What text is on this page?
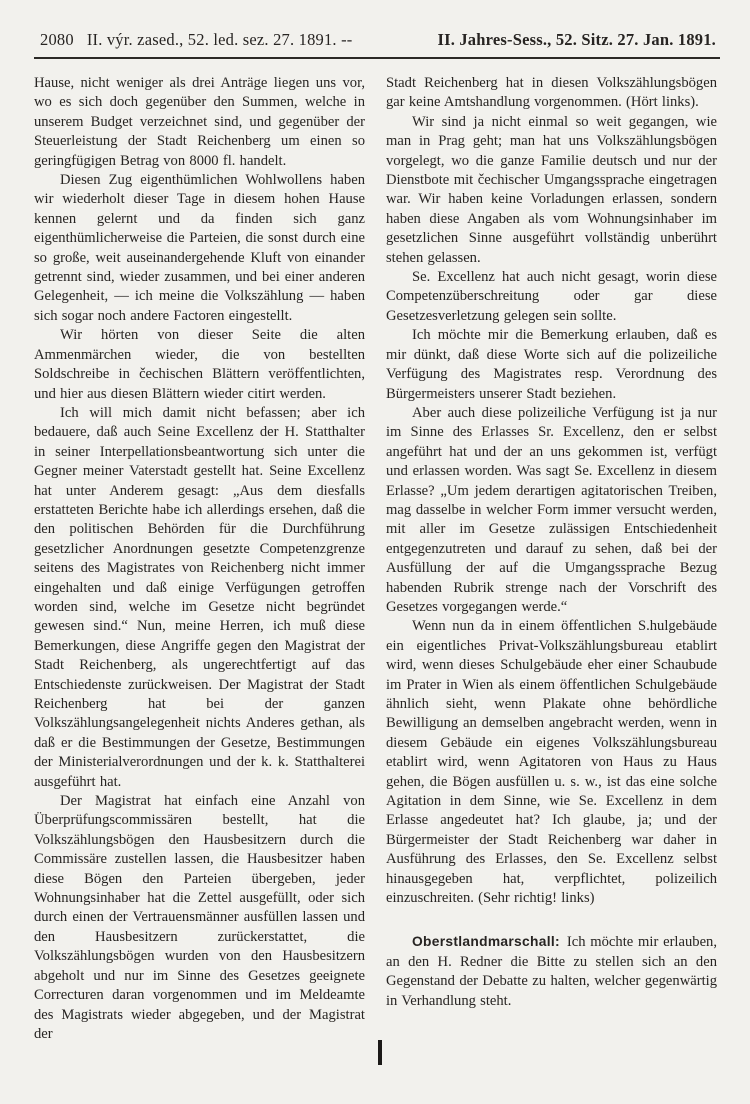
2080 II. výr. zased., 52. led. sez. 27. 1891. --	II. Jahres-Sess., 52. Sitz. 27. Jan. 1891.

Hause, nicht weniger als drei Anträge liegen uns vor, wo es sich doch gegenüber den Summen, welche in unserem Budget verzeichnet sind, und gegenüber der Steuerleistung der Stadt Reichenberg um einen so geringfügigen Betrag von 8000 fl. handelt.

Diesen Zug eigenthümlichen Wohlwollens haben wir wiederholt dieser Tage in diesem hohen Hause kennen gelernt und da finden sich ganz eigenthümlicherweise die Parteien, die sonst durch eine so große, weit auseinandergehende Kluft von einander getrennt sind, wieder zusammen, und bei einer anderen Gelegenheit, — ich meine die Volkszählung — haben sich sogar noch andere Factoren eingestellt.

Wir hörten von dieser Seite die alten Ammenmärchen wieder, die von bestellten Soldschreibe in čechischen Blättern veröffentlichten, und hier aus diesen Blättern wieder citirt werden.

Ich will mich damit nicht befassen; aber ich bedauere, daß auch Seine Excellenz der H. Statthalter in seiner Interpellationsbeantwortung sich unter die Gegner meiner Vaterstadt gestellt hat. Seine Excellenz hat unter Anderem gesagt: „Aus dem diesfalls erstatteten Berichte habe ich allerdings ersehen, daß die den politischen Behörden für die Durchführung gesetzlicher Anordnungen gesetzte Competenzgrenze seitens des Magistrates von Reichenberg nicht immer eingehalten und daß einige Verfügungen getroffen worden sind, welche im Gesetze nicht begründet gewesen sind.“ Nun, meine Herren, ich muß diese Bemerkungen, diese Angriffe gegen den Magistrat der Stadt Reichenberg, als ungerechtfertigt auf das Entschiedenste zurückweisen. Der Magistrat der Stadt Reichenberg hat bei der ganzen Volkszählungsangelegenheit nichts Anderes gethan, als daß er die Bestimmungen der Gesetze, Bestimmungen der Ministerialverordnungen und der k. k. Statthalterei ausgeführt hat.

Der Magistrat hat einfach eine Anzahl von Überprüfungscommissären bestellt, hat die Volkszählungsbögen den Hausbesitzern durch die Commissäre zustellen lassen, die Hausbesitzer haben diese Bögen den Parteien übergeben, jeder Wohnungsinhaber hat die Zettel ausgefüllt, oder sich durch einen der Vertrauensmänner ausfüllen lassen und den Hausbesitzern zurückerstattet, die Volkszählungsbögen wurden von den Hausbesitzern abgeholt und nur im Sinne des Gesetzes geeignete Correcturen daran vorgenommen und im Meldeamte des Magistrats wieder abgegeben, und der Magistrat der

Stadt Reichenberg hat in diesen Volkszählungsbögen gar keine Amtshandlung vorgenommen. (Hört links).

Wir sind ja nicht einmal so weit gegangen, wie man in Prag geht; man hat uns Volkszählungsbögen vorgelegt, wo die ganze Familie deutsch und nur der Dienstbote mit čechischer Umgangssprache eingetragen war. Wir haben keine Vorladungen erlassen, sondern haben diese Angaben als vom Wohnungsinhaber im gesetzlichen Sinne ausgeführt vollständig unberührt stehen gelassen.

Se. Excellenz hat auch nicht gesagt, worin diese Competenzüberschreitung oder gar diese Gesetzesverletzung gelegen sein sollte.

Ich möchte mir die Bemerkung erlauben, daß es mir dünkt, daß diese Worte sich auf die polizeiliche Verfügung des Magistrates resp. Verordnung des Bürgermeisters unserer Stadt beziehen.

Aber auch diese polizeiliche Verfügung ist ja nur im Sinne des Erlasses Sr. Excellenz, den er selbst angeführt hat und der an uns gekommen ist, verfügt und erlassen worden. Was sagt Se. Excellenz in diesem Erlasse? „Um jedem derartigen agitatorischen Treiben, mag dasselbe in welcher Form immer versucht werden, mit aller im Gesetze zulässigen Entschiedenheit entgegenzutreten und darauf zu sehen, daß bei der Ausfüllung der auf die Umgangssprache Bezug habenden Rubrik strenge nach der Vorschrift des Gesetzes vorgegangen werde.“

Wenn nun da in einem öffentlichen S.hulgebäude ein eigentliches Privat-Volkszählungsbureau etablirt wird, wenn dieses Schulgebäude eher einer Schaubude im Prater in Wien als einem öffentlichen Schulgebäude ähnlich sieht, wenn Plakate ohne behördliche Bewilligung an demselben angebracht werden, wenn in diesem Gebäude ein eigenes Volkszählungsbureau etablirt wird, wenn Agitatoren von Haus zu Haus gehen, die Bögen ausfüllen u. s. w., ist das eine solche Agitation in dem Sinne, wie Se. Excellenz in dem Erlasse angedeutet hat? Ich glaube, ja; und der Bürgermeister der Stadt Reichenberg war daher in Ausführung des Erlasses, den Se. Excellenz selbst hinausgegeben hat, verpflichtet, polizeilich einzuschreiten. (Sehr richtig! links)

Oberstlandmarschall: Ich möchte mir erlauben, an den H. Redner die Bitte zu stellen sich an den Gegenstand der Debatte zu halten, welcher gegenwärtig in Verhandlung steht.
